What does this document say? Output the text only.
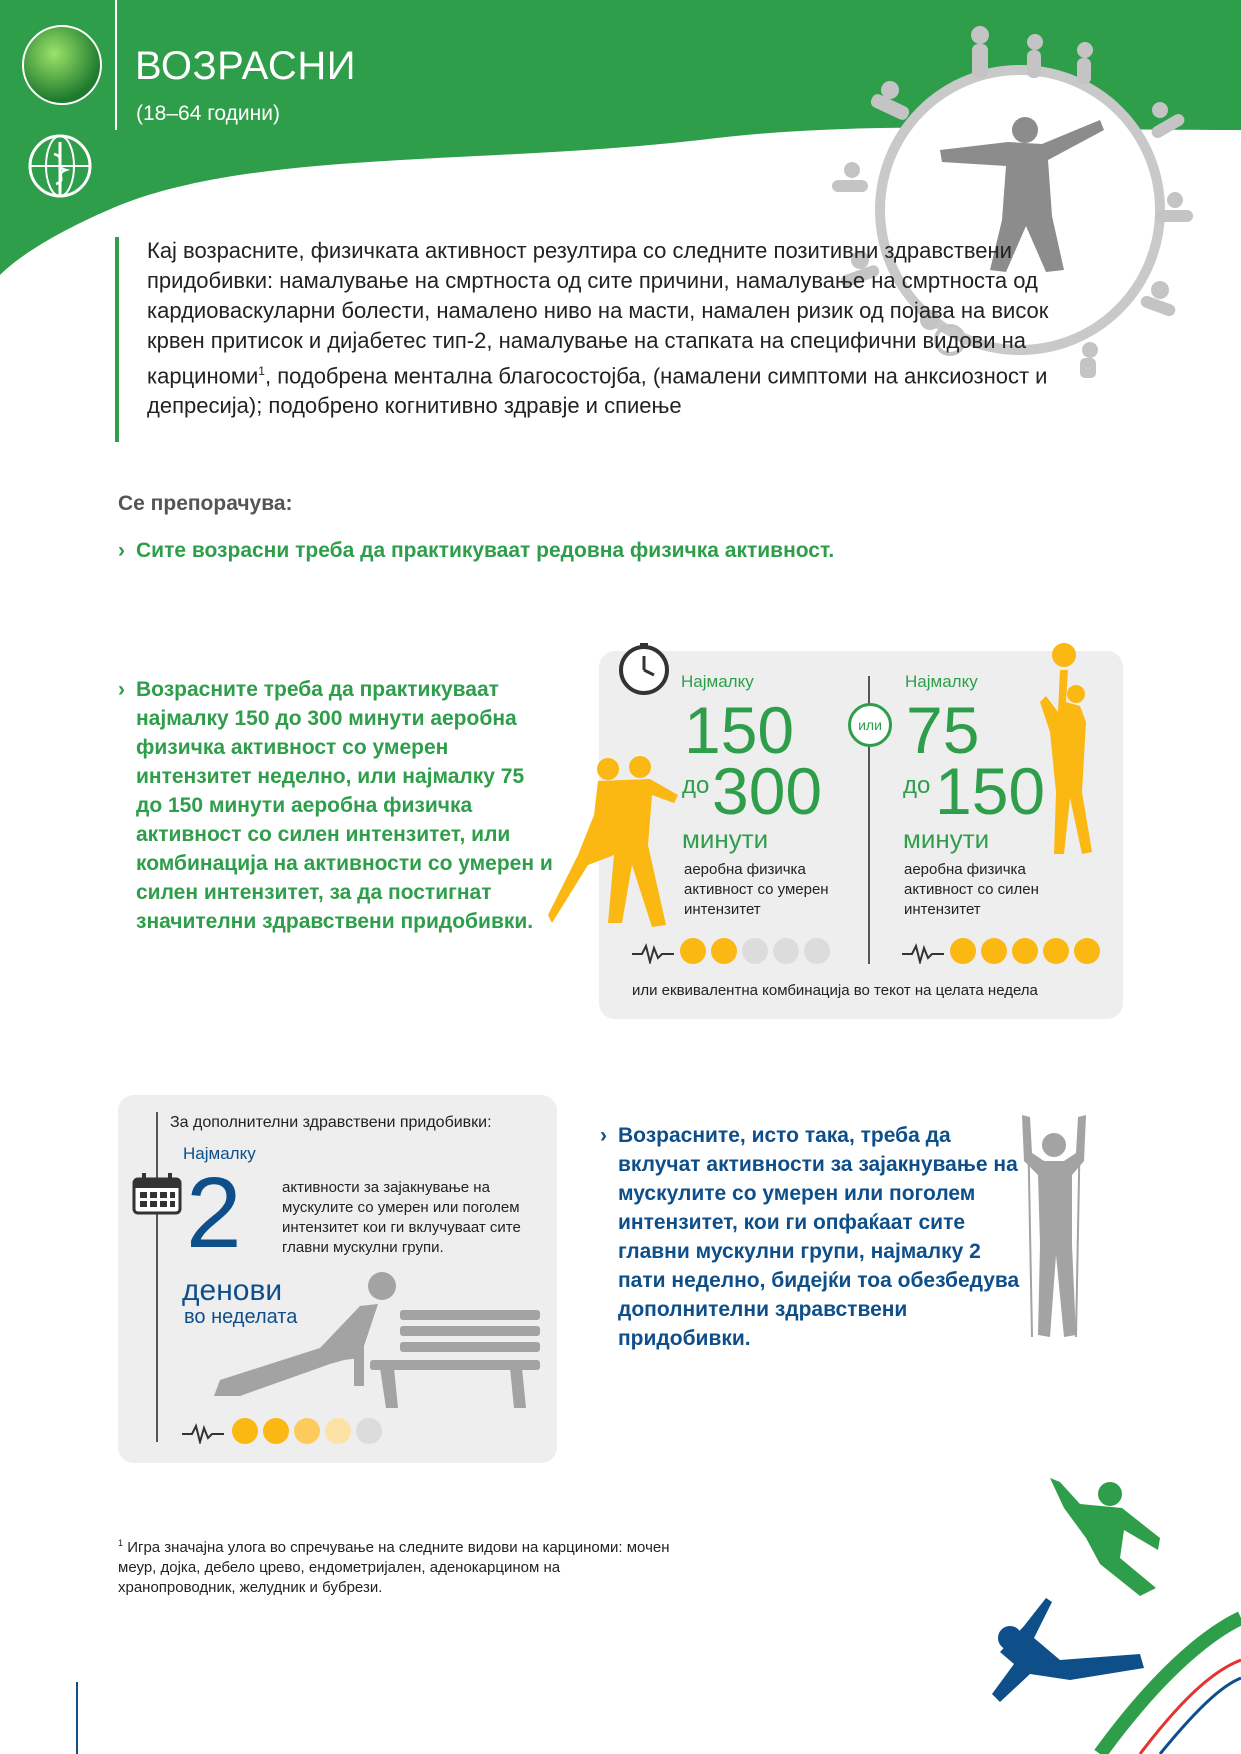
ВОЗРАСНИ
(18–64 години)
Кај возрасните, физичката активност резултира со следните позитивни здравствени придобивки: намалување на смртноста од сите причини, намалување на смртноста од кардиоваскуларни болести, намалено ниво на масти, намален ризик од појава на висок крвен притисок и дијабетес тип-2, намалување на стапката на специфични видови на карциноми$^1$, подобрена ментална благосостојба, (намалени симптоми на анксиозност и депресија); подобрено когнитивно здравје и спиење
Се препорачува:
› Сите возрасни треба да практикуваат редовна физичка активност.
› Возрасните треба да практикуваат најмалку 150 до 300 минути аеробна физичка активност со умерен интензитет неделно, или најмалку 75 до 150 минути аеробна физичка активност со силен интензитет, или комбинација на активности со умерен и силен интензитет, за да постигнат значителни здравствени придобивки.
Најмалку
150
до 300
минути
аеробна физичка активност со умерен интензитет
или
Најмалку
75
до 150
минути
аеробна физичка активност со силен интензитет
или еквивалентна комбинација во текот на целата недела
За дополнителни здравствени придобивки:
Најмалку
2	активности за зајакнување на мускулите со умерен или поголем интензитет кои ги вклучуваат сите главни мускулни групи.
денови
во неделата
› Возрасните, исто така, треба да вклучат активности за зајакнување на мускулите со умерен или поголем интензитет, кои ги опфаќаат сите главни мускулни групи, најмалку 2 пати неделно, бидејќи тоа обезбедува дополнителни здравствени придобивки.
$^1$ Игра значајна улога во спречување на следните видови на карциноми: мочен меур, дојка, дебело црево, ендометријален, аденокарцином на хранопроводник, желудник и бубрези.
